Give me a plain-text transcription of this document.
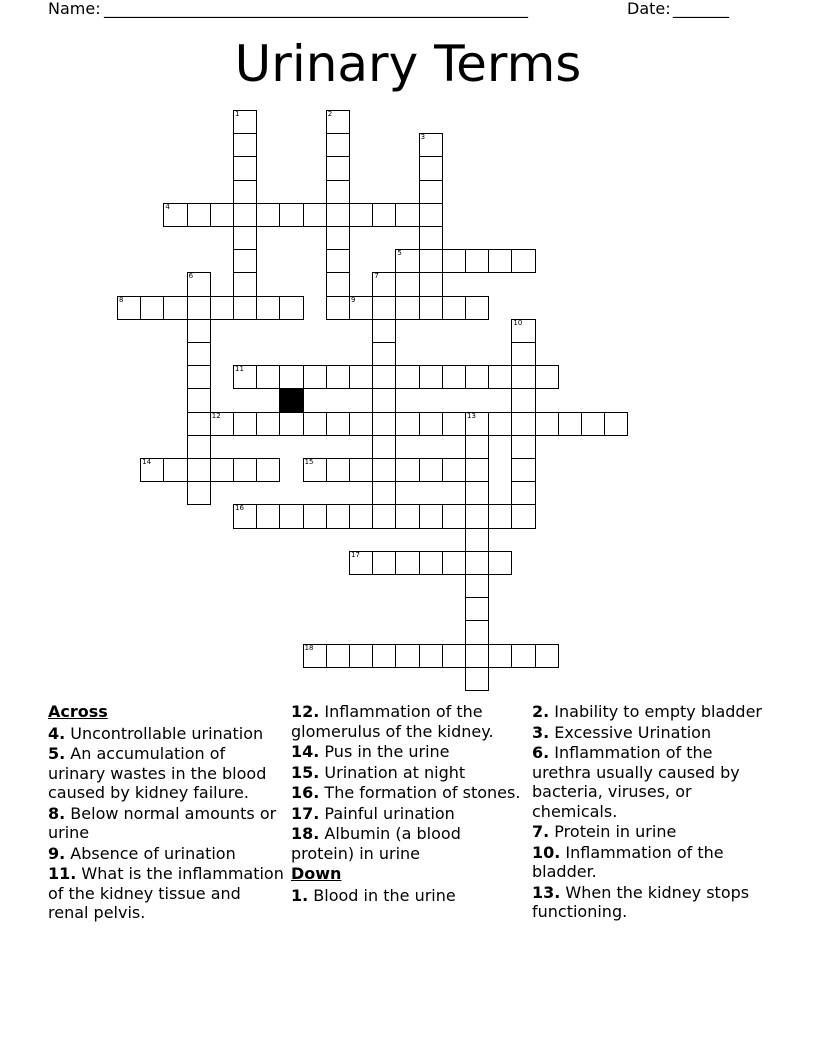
Name: _____________________________________________________	Date: _______
Urinary Terms
1	2
3
4
5
6	7
8	9
10
11
12	13
14	15
16
17
18
Across
4. Uncontrollable urination
5. An accumulation of urinary wastes in the blood caused by kidney failure.
8. Below normal amounts or urine
9. Absence of urination
11. What is the inflammation of the kidney tissue and renal pelvis.
12. Inflammation of the glomerulus of the kidney.
14. Pus in the urine
15. Urination at night
16. The formation of stones.
17. Painful urination
18. Albumin (a blood protein) in urine
Down
1. Blood in the urine
2. Inability to empty bladder
3. Excessive Urination
6. Inflammation of the urethra usually caused by bacteria, viruses, or chemicals.
7. Protein in urine
10. Inflammation of the bladder.
13. When the kidney stops functioning.
